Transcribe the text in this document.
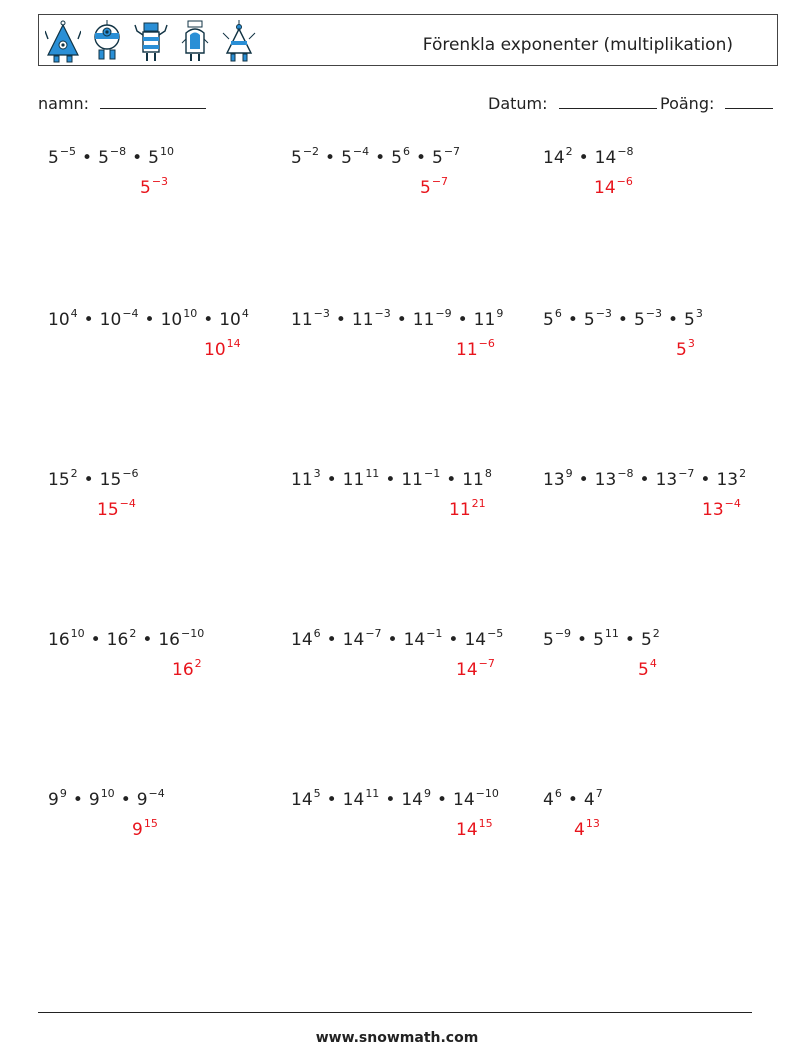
Förenkla exponenter (multiplikation)
namn:	Datum:	Poäng:
$5^{-5}$ • $5^{-8}$ • $5^{10}$
$5^{-3}$
$5^{-2}$ • $5^{-4}$ • $5^6$ • $5^{-7}$
$5^{-7}$
$14^2$ • $14^{-8}$
$14^{-6}$
$10^4$ • $10^{-4}$ • $10^{10}$ • $10^4$
$10^{14}$
$11^{-3}$ • $11^{-3}$ • $11^{-9}$ • $11^9$
$11^{-6}$
$5^6$ • $5^{-3}$ • $5^{-3}$ • $5^3$
$5^3$
$15^2$ • $15^{-6}$
$15^{-4}$
$11^3$ • $11^{11}$ • $11^{-1}$ • $11^8$
$11^{21}$
$13^9$ • $13^{-8}$ • $13^{-7}$ • $13^2$
$13^{-4}$
$16^{10}$ • $16^2$ • $16^{-10}$
$16^2$
$14^6$ • $14^{-7}$ • $14^{-1}$ • $14^{-5}$
$14^{-7}$
$5^{-9}$ • $5^{11}$ • $5^2$
$5^4$
$9^9$ • $9^{10}$ • $9^{-4}$
$9^{15}$
$14^5$ • $14^{11}$ • $14^9$ • $14^{-10}$
$14^{15}$
$4^6$ • $4^7$
$4^{13}$
www.snowmath.com
